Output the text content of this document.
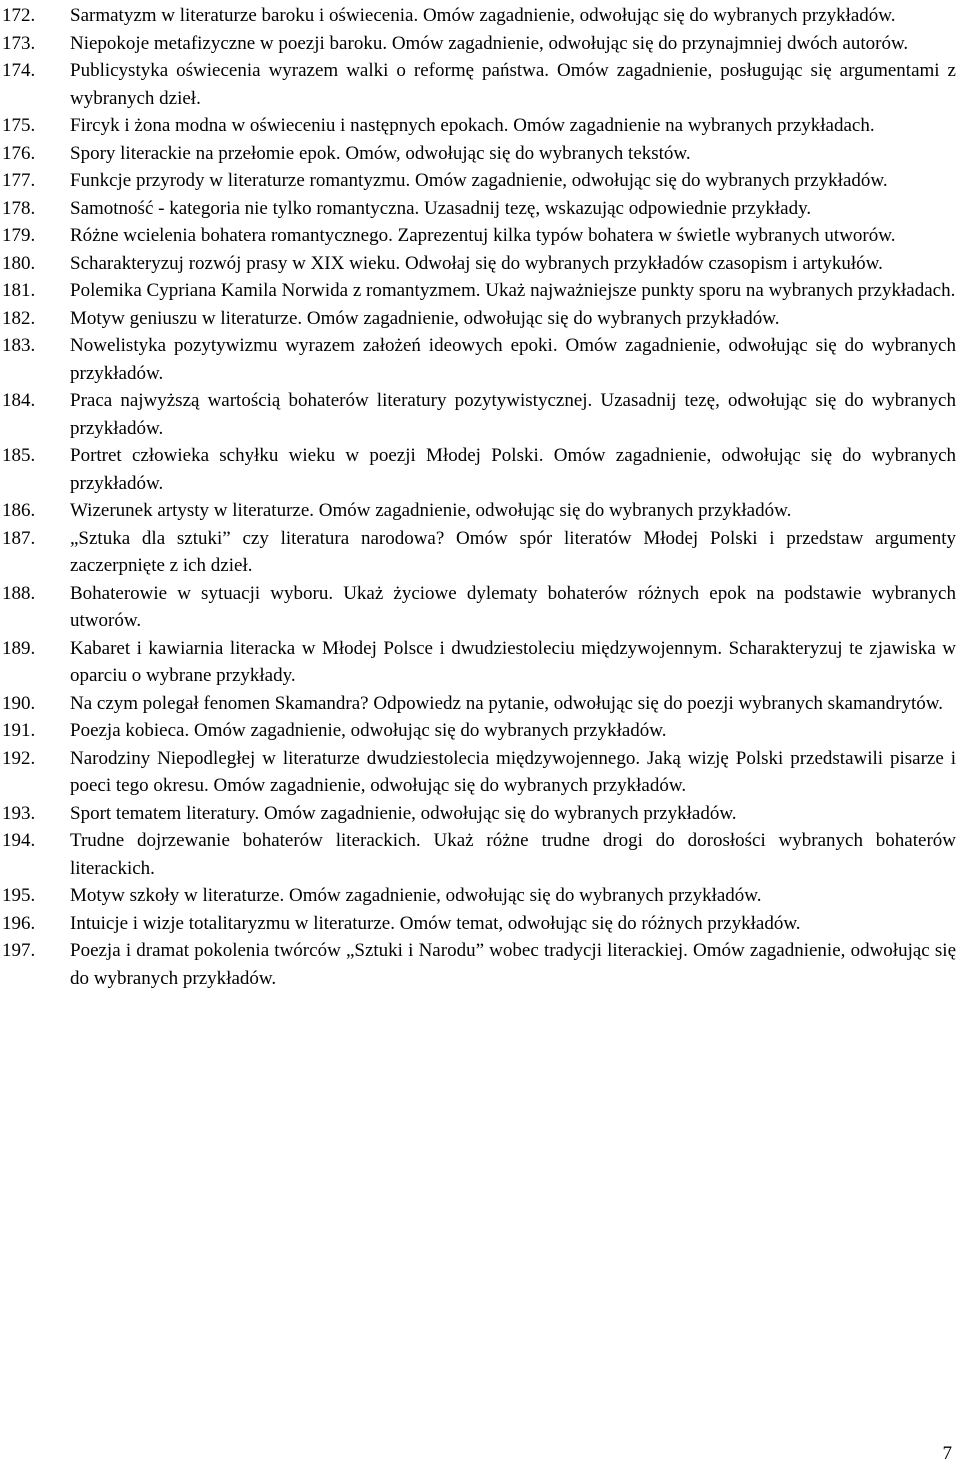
172.	Sarmatyzm w literaturze baroku i oświecenia. Omów zagadnienie, odwołując się do wybranych przykładów.
173.	Niepokoje metafizyczne w poezji baroku. Omów zagadnienie, odwołując się do przynajmniej dwóch autorów.
174.	Publicystyka oświecenia wyrazem walki o reformę państwa. Omów zagadnienie, posługując się argumentami z wybranych dzieł.
175.	Fircyk i żona modna w oświeceniu i następnych epokach. Omów zagadnienie na wybranych przykładach.
176.	Spory literackie na przełomie epok. Omów, odwołując się do wybranych tekstów.
177.	Funkcje przyrody w literaturze romantyzmu. Omów zagadnienie, odwołując się do wybranych przykładów.
178.	Samotność - kategoria nie tylko romantyczna. Uzasadnij tezę, wskazując odpowiednie przykłady.
179.	Różne wcielenia bohatera romantycznego. Zaprezentuj kilka typów bohatera w świetle wybranych utworów.
180.	Scharakteryzuj rozwój prasy w XIX wieku. Odwołaj się do wybranych przykładów czasopism i artykułów.
181.	Polemika Cypriana Kamila Norwida z romantyzmem. Ukaż najważniejsze punkty sporu na wybranych przykładach.
182.	Motyw geniuszu w literaturze. Omów zagadnienie, odwołując się do wybranych przykładów.
183.	Nowelistyka pozytywizmu wyrazem założeń ideowych epoki. Omów zagadnienie, odwołując się do wybranych przykładów.
184.	Praca najwyższą wartością bohaterów literatury pozytywistycznej. Uzasadnij tezę, odwołując się do wybranych przykładów.
185.	Portret człowieka schyłku wieku w poezji Młodej Polski. Omów zagadnienie, odwołując się do wybranych przykładów.
186.	Wizerunek artysty w literaturze. Omów zagadnienie, odwołując się do wybranych przykładów.
187.	„Sztuka dla sztuki” czy literatura narodowa? Omów spór literatów Młodej Polski i przedstaw argumenty zaczerpnięte z ich dzieł.
188.	Bohaterowie w sytuacji wyboru. Ukaż życiowe dylematy bohaterów różnych epok na podstawie wybranych utworów.
189.	Kabaret i kawiarnia literacka w Młodej Polsce i dwudziestoleciu międzywojennym. Scharakteryzuj te zjawiska w oparciu o wybrane przykłady.
190.	Na czym polegał fenomen Skamandra? Odpowiedz na pytanie, odwołując się do poezji wybranych skamandrytów.
191.	Poezja kobieca. Omów zagadnienie, odwołując się do wybranych przykładów.
192.	Narodziny Niepodległej w literaturze dwudziestolecia międzywojennego. Jaką wizję Polski przedstawili pisarze i poeci tego okresu. Omów zagadnienie, odwołując się do wybranych przykładów.
193.	Sport tematem literatury. Omów zagadnienie, odwołując się do wybranych przykładów.
194.	Trudne dojrzewanie bohaterów literackich. Ukaż różne trudne drogi do dorosłości wybranych bohaterów literackich.
195.	Motyw szkoły w literaturze. Omów zagadnienie, odwołując się do wybranych przykładów.
196.	Intuicje i wizje totalitaryzmu w literaturze. Omów temat, odwołując się do różnych przykładów.
197.	Poezja i dramat pokolenia twórców „Sztuki i Narodu” wobec tradycji literackiej. Omów zagadnienie, odwołując się do wybranych przykładów.
7
